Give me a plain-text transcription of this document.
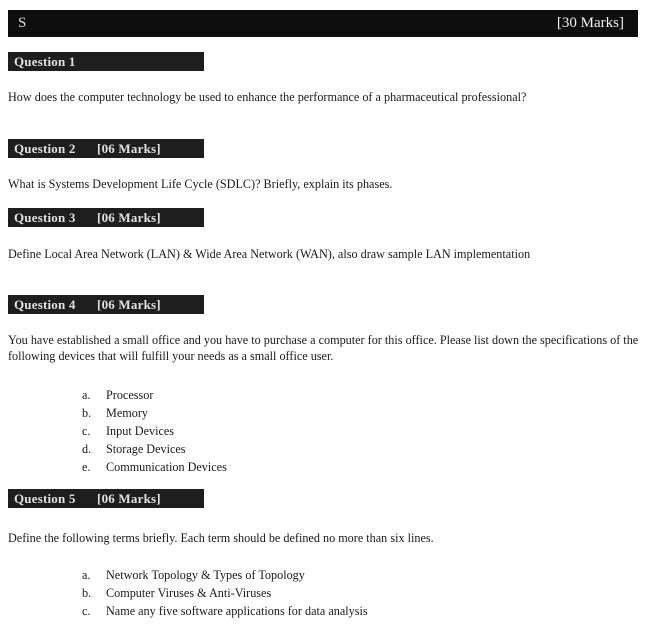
S	[30 Marks]
Question 1
How does the computer technology be used to enhance the performance of a pharmaceutical professional?
Question 2 [06 Marks]
What is Systems Development Life Cycle (SDLC)? Briefly, explain its phases.
Question 3 [06 Marks]
Define Local Area Network (LAN) & Wide Area Network (WAN), also draw sample LAN implementation
Question 4 [06 Marks]
You have established a small office and you have to purchase a computer for this office. Please list down the specifications of the following devices that will fulfill your needs as a small office user.
a. Processor
b. Memory
c. Input Devices
d. Storage Devices
e. Communication Devices
Question 5 [06 Marks]
Define the following terms briefly. Each term should be defined no more than six lines.
a. Network Topology & Types of Topology
b. Computer Viruses & Anti-Viruses
c. Name any five software applications for data analysis
